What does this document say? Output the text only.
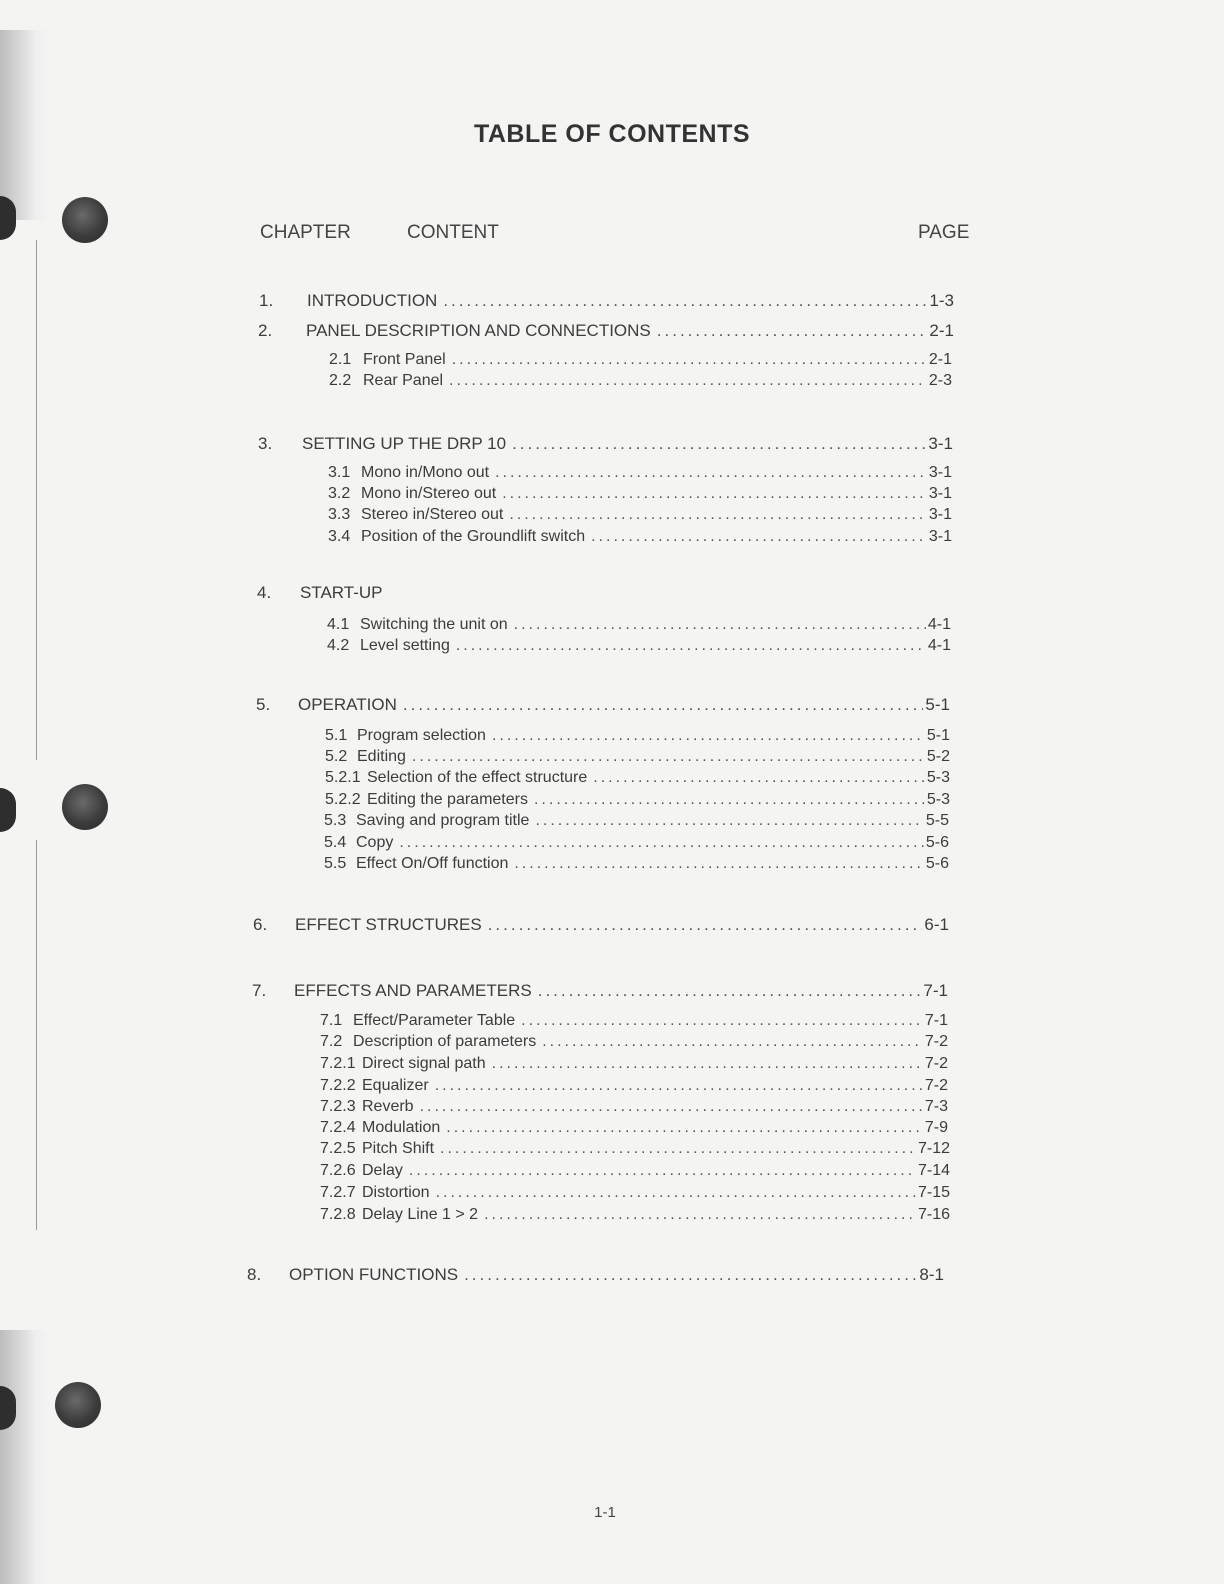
TABLE OF CONTENTS
CHAPTER	CONTENT	PAGE
1. INTRODUCTION .....	1-3
2. PANEL DESCRIPTION AND CONNECTIONS .....	2-1
2.1 Front Panel .....	2-1
2.2 Rear Panel .....	2-3
3. SETTING UP THE DRP 10 .....	3-1
3.1 Mono in/Mono out .....	3-1
3.2 Mono in/Stereo out .....	3-1
3.3 Stereo in/Stereo out .....	3-1
3.4 Position of the Groundlift switch .....	3-1
4. START-UP
4.1 Switching the unit on .....	4-1
4.2 Level setting .....	4-1
5. OPERATION .....	5-1
5.1 Program selection .....	5-1
5.2 Editing .....	5-2
5.2.1 Selection of the effect structure .....	5-3
5.2.2 Editing the parameters .....	5-3
5.3 Saving and program title .....	5-5
5.4 Copy .....	5-6
5.5 Effect On/Off function .....	5-6
6. EFFECT STRUCTURES .....	6-1
7. EFFECTS AND PARAMETERS .....	7-1
7.1 Effect/Parameter Table .....	7-1
7.2 Description of parameters .....	7-2
7.2.1 Direct signal path .....	7-2
7.2.2 Equalizer .....	7-2
7.2.3 Reverb .....	7-3
7.2.4 Modulation .....	7-9
7.2.5 Pitch Shift .....	7-12
7.2.6 Delay .....	7-14
7.2.7 Distortion .....	7-15
7.2.8 Delay Line 1 > 2 .....	7-16
8. OPTION FUNCTIONS .....	8-1
1-1
